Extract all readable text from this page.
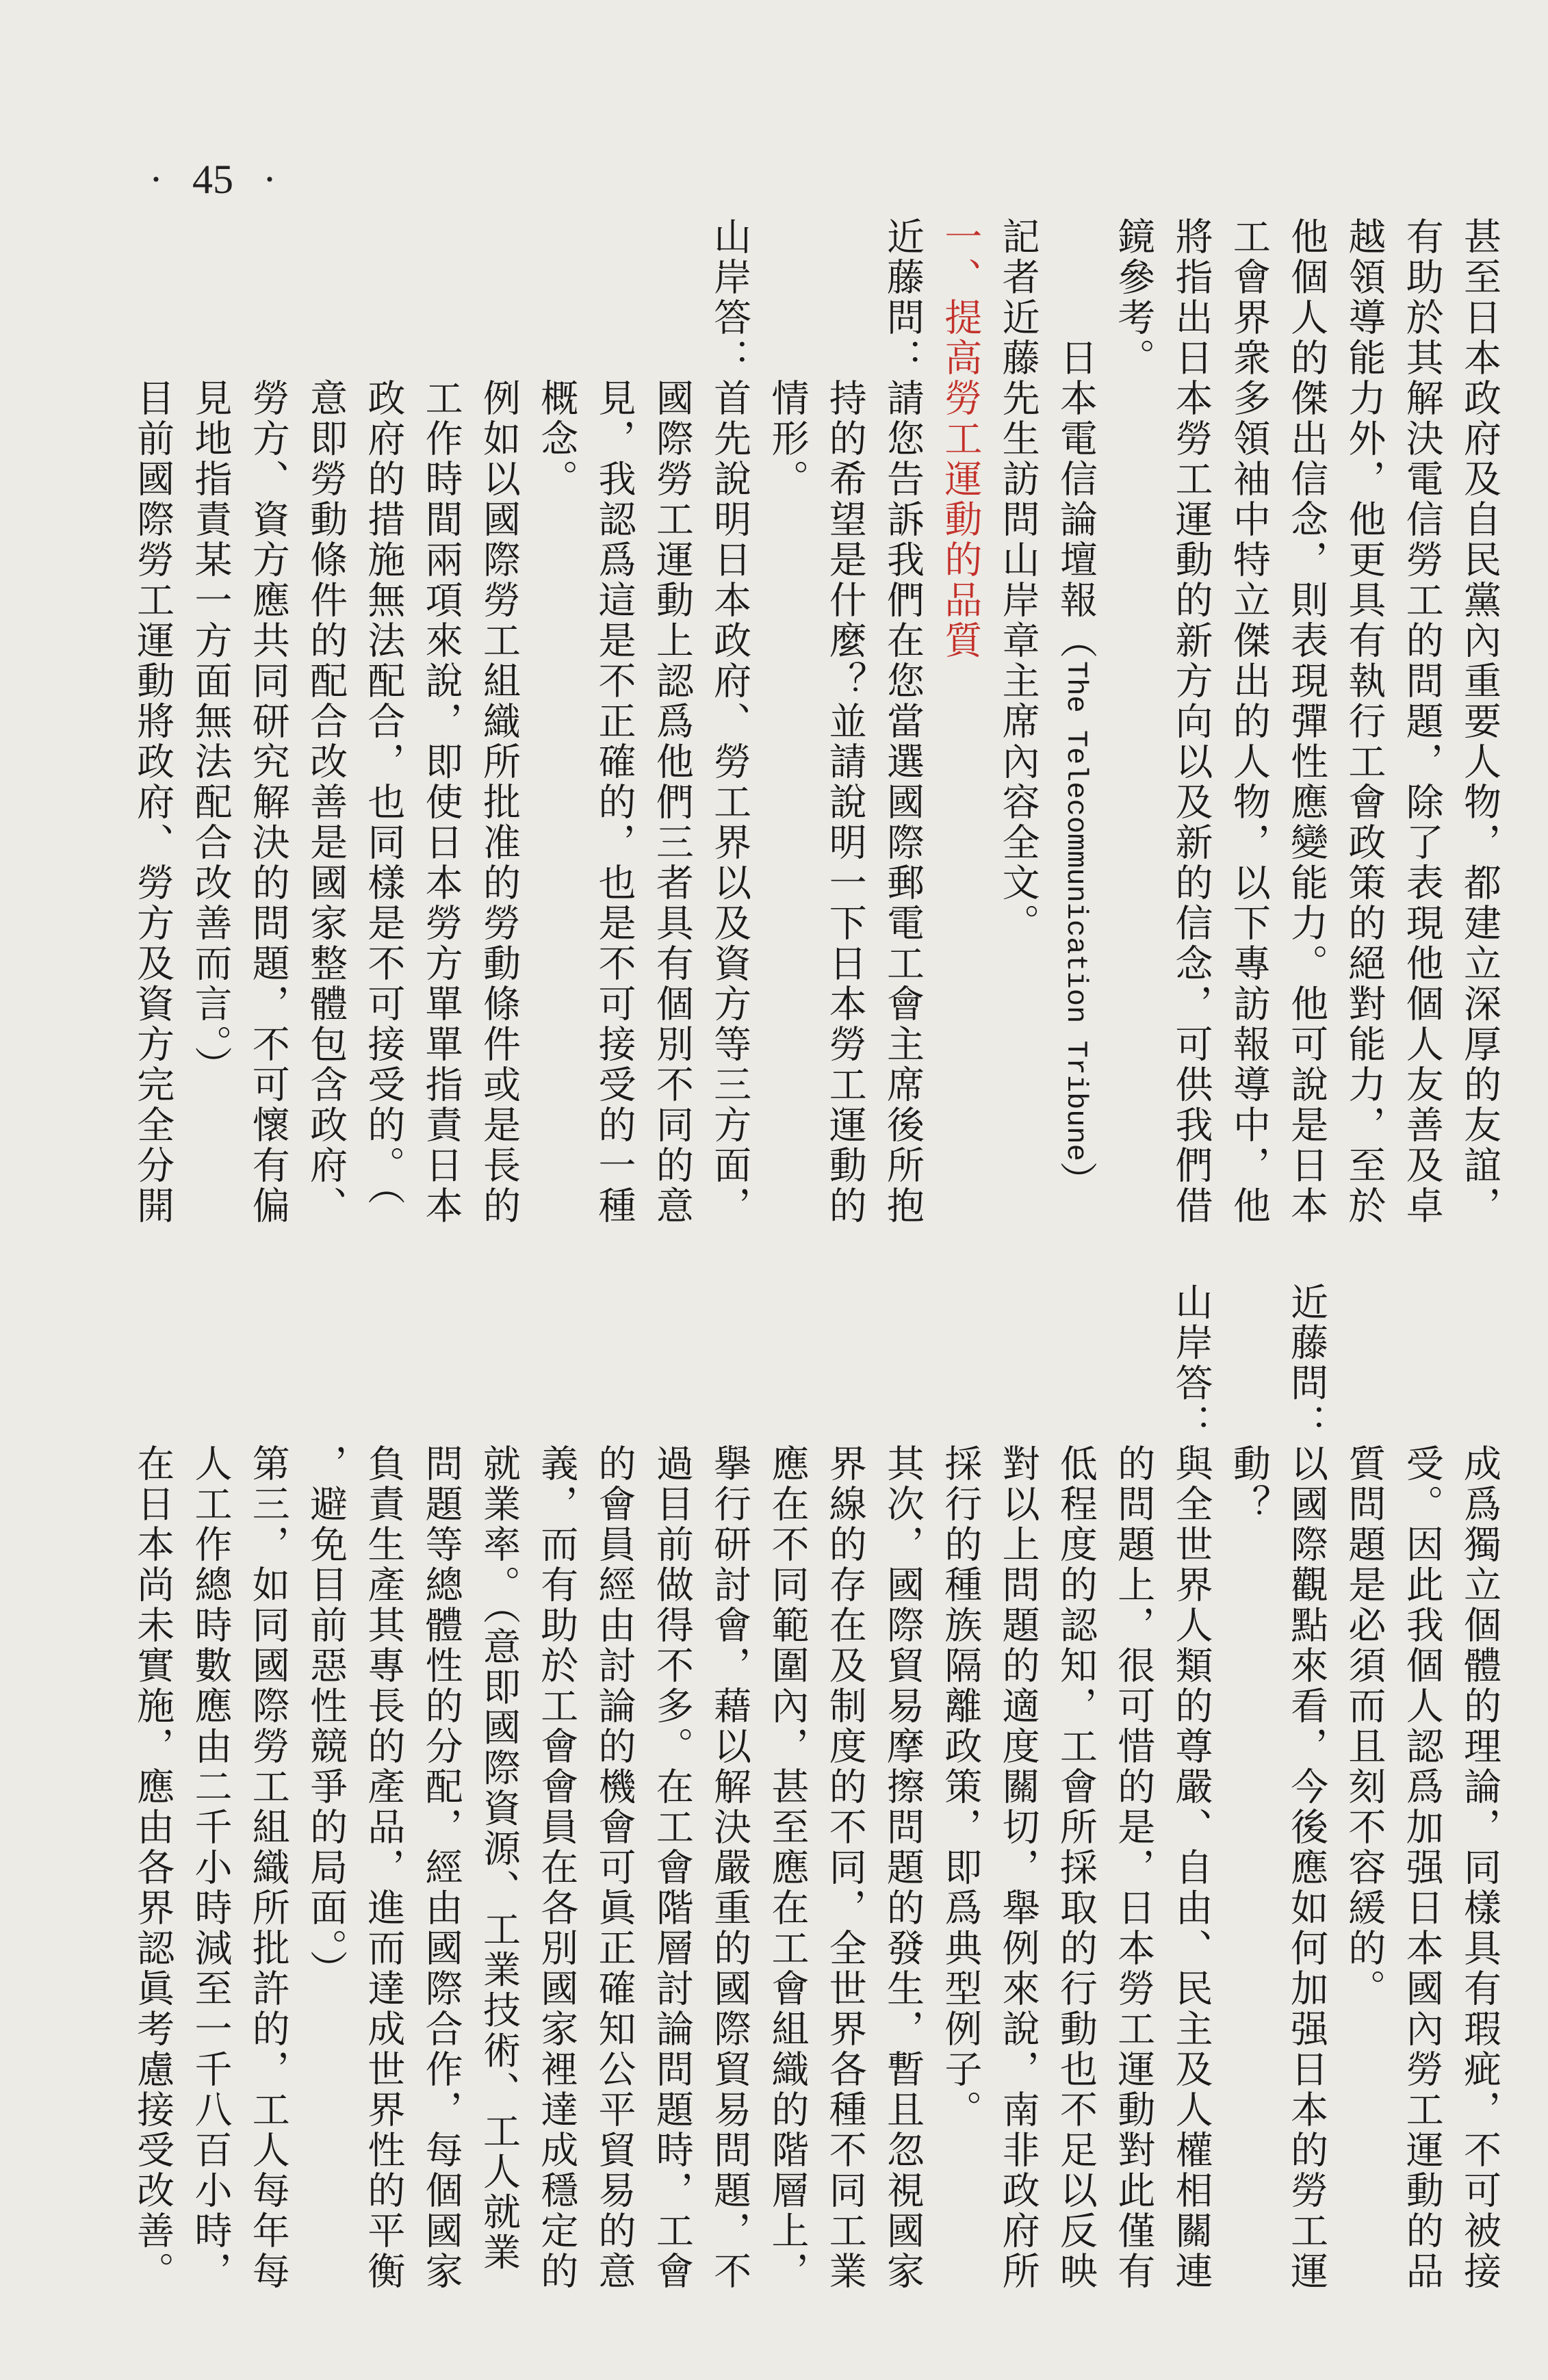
· 45 ·
甚至日本政府及自民黨內重要人物，都建立深厚的友誼，
有助於其解決電信勞工的問題，除了表現他個人友善及卓
越領導能力外，他更具有執行工會政策的絕對能力，至於
他個人的傑出信念，則表現彈性應變能力。他可說是日本
工會界衆多領袖中特立傑出的人物，以下專訪報導中，他
將指出日本勞工運動的新方向以及新的信念，可供我們借
鏡參考。
日本電信論壇報（The Telecommunication Tribune）
記者近藤先生訪問山岸章主席內容全文。
一、提高勞工運動的品質
近藤問：請您告訴我們在您當選國際郵電工會主席後所抱
持的希望是什麼？並請說明一下日本勞工運動的
情形。
山岸答：首先說明日本政府、勞工界以及資方等三方面，
國際勞工運動上認爲他們三者具有個別不同的意
見，我認爲這是不正確的，也是不可接受的一種
概念。
例如以國際勞工組織所批准的勞動條件或是長的
工作時間兩項來說，即使日本勞方單單指責日本
政府的措施無法配合，也同樣是不可接受的。（
意即勞動條件的配合改善是國家整體包含政府、
勞方、資方應共同研究解決的問題，不可懷有偏
見地指責某一方面無法配合改善而言。）
目前國際勞工運動將政府、勞方及資方完全分開
成爲獨立個體的理論，同樣具有瑕疵，不可被接
受。因此我個人認爲加强日本國內勞工運動的品
質問題是必須而且刻不容緩的。
近藤問：以國際觀點來看，今後應如何加强日本的勞工運
動？
山岸答：與全世界人類的尊嚴、自由、民主及人權相關連
的問題上，很可惜的是，日本勞工運動對此僅有
低程度的認知，工會所採取的行動也不足以反映
對以上問題的適度關切，舉例來說，南非政府所
採行的種族隔離政策，即爲典型例子。
其次，國際貿易摩擦問題的發生，暫且忽視國家
界線的存在及制度的不同，全世界各種不同工業
應在不同範圍內，甚至應在工會組織的階層上，
擧行研討會，藉以解決嚴重的國際貿易問題，不
過目前做得不多。在工會階層討論問題時，工會
的會員經由討論的機會可眞正確知公平貿易的意
義，而有助於工會會員在各別國家裡達成穩定的
就業率。（意即國際資源、工業技術、工人就業
問題等總體性的分配，經由國際合作，每個國家
負責生產其專長的產品，進而達成世界性的平衡
，避免目前惡性競爭的局面。）
第三，如同國際勞工組織所批許的，工人每年每
人工作總時數應由二千小時減至一千八百小時，
在日本尚未實施，應由各界認眞考慮接受改善。
